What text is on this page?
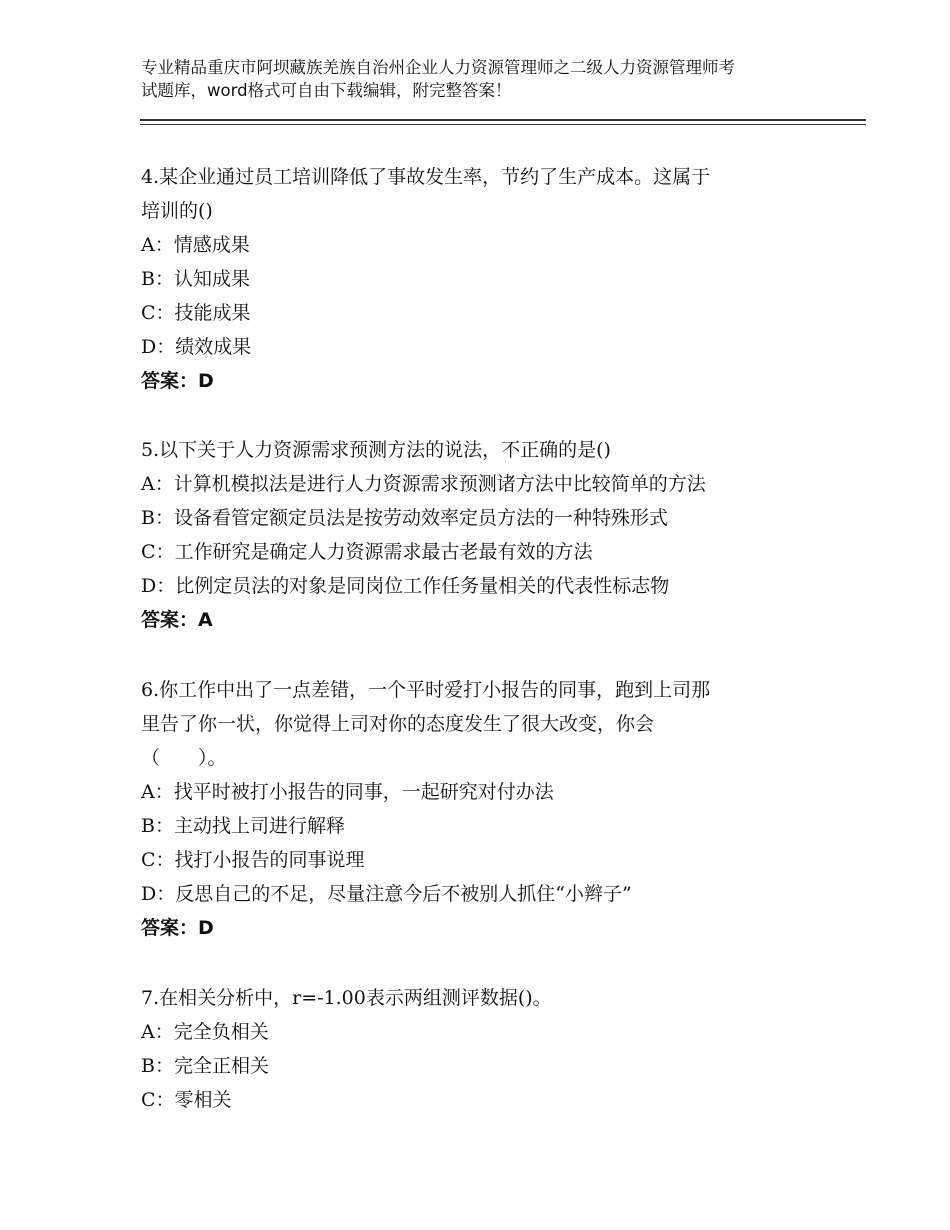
专业精品重庆市阿坝藏族羌族自治州企业人力资源管理师之二级人力资源管理师考
试题库，word格式可自由下载编辑，附完整答案！
4.某企业通过员工培训降低了事故发生率，节约了生产成本。这属于
培训的()
A：情感成果
B：认知成果
C：技能成果
D：绩效成果
答案：D
5.以下关于人力资源需求预测方法的说法，不正确的是()
A：计算机模拟法是进行人力资源需求预测诸方法中比较简单的方法
B：设备看管定额定员法是按劳动效率定员方法的一种特殊形式
C：工作研究是确定人力资源需求最古老最有效的方法
D：比例定员法的对象是同岗位工作任务量相关的代表性标志物
答案：A
6.你工作中出了一点差错，一个平时爱打小报告的同事，跑到上司那
里告了你一状，你觉得上司对你的态度发生了很大改变，你会
（　　）。
A：找平时被打小报告的同事，一起研究对付办法
B：主动找上司进行解释
C：找打小报告的同事说理
D：反思自己的不足，尽量注意今后不被别人抓住“小辫子”
答案：D
7.在相关分析中，r=-1.00表示两组测评数据()。
A：完全负相关
B：完全正相关
C：零相关
